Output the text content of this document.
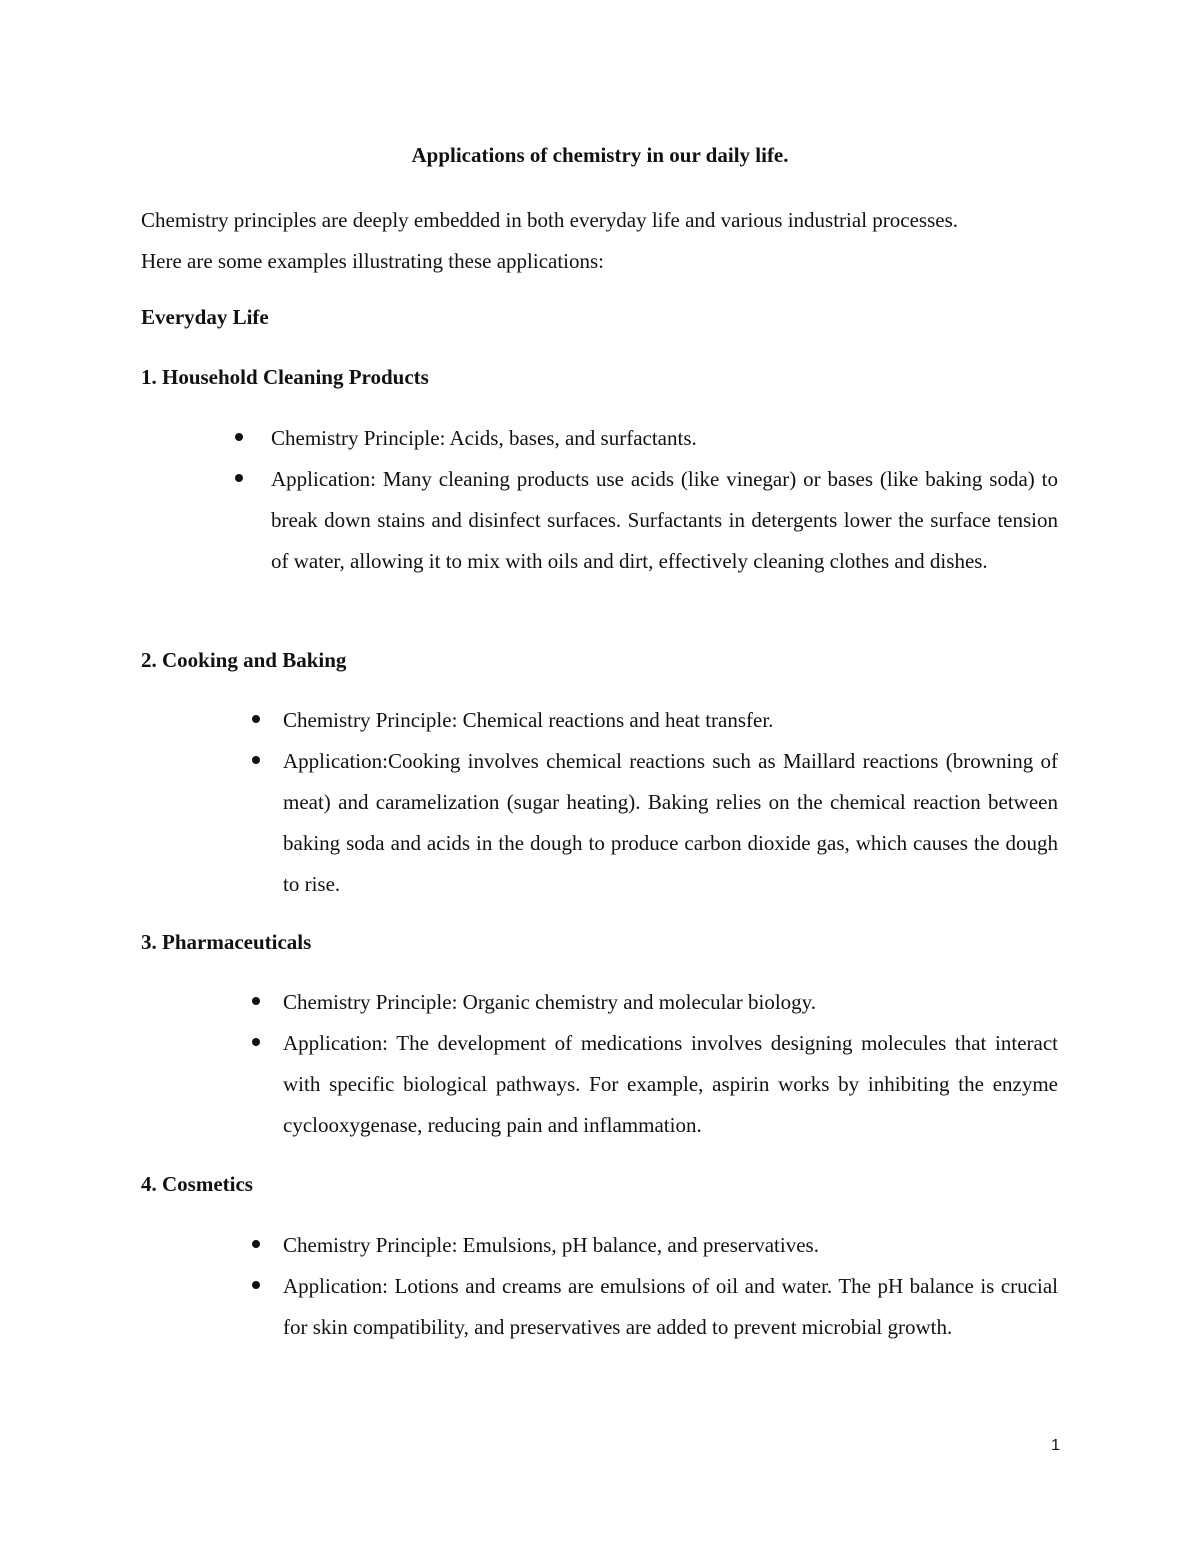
Applications of chemistry in our daily life.
Chemistry principles are deeply embedded in both everyday life and various industrial processes.
Here are some examples illustrating these applications:
Everyday Life
1. Household Cleaning Products
Chemistry Principle: Acids, bases, and surfactants.
Application: Many cleaning products use acids (like vinegar) or bases (like baking soda) to break down stains and disinfect surfaces. Surfactants in detergents lower the surface tension of water, allowing it to mix with oils and dirt, effectively cleaning clothes and dishes.
2. Cooking and Baking
Chemistry Principle: Chemical reactions and heat transfer.
Application:Cooking involves chemical reactions such as Maillard reactions (browning of meat) and caramelization (sugar heating). Baking relies on the chemical reaction between baking soda and acids in the dough to produce carbon dioxide gas, which causes the dough to rise.
3. Pharmaceuticals
Chemistry Principle: Organic chemistry and molecular biology.
Application: The development of medications involves designing molecules that interact with specific biological pathways. For example, aspirin works by inhibiting the enzyme cyclooxygenase, reducing pain and inflammation.
4. Cosmetics
Chemistry Principle: Emulsions, pH balance, and preservatives.
Application: Lotions and creams are emulsions of oil and water. The pH balance is crucial for skin compatibility, and preservatives are added to prevent microbial growth.
1
